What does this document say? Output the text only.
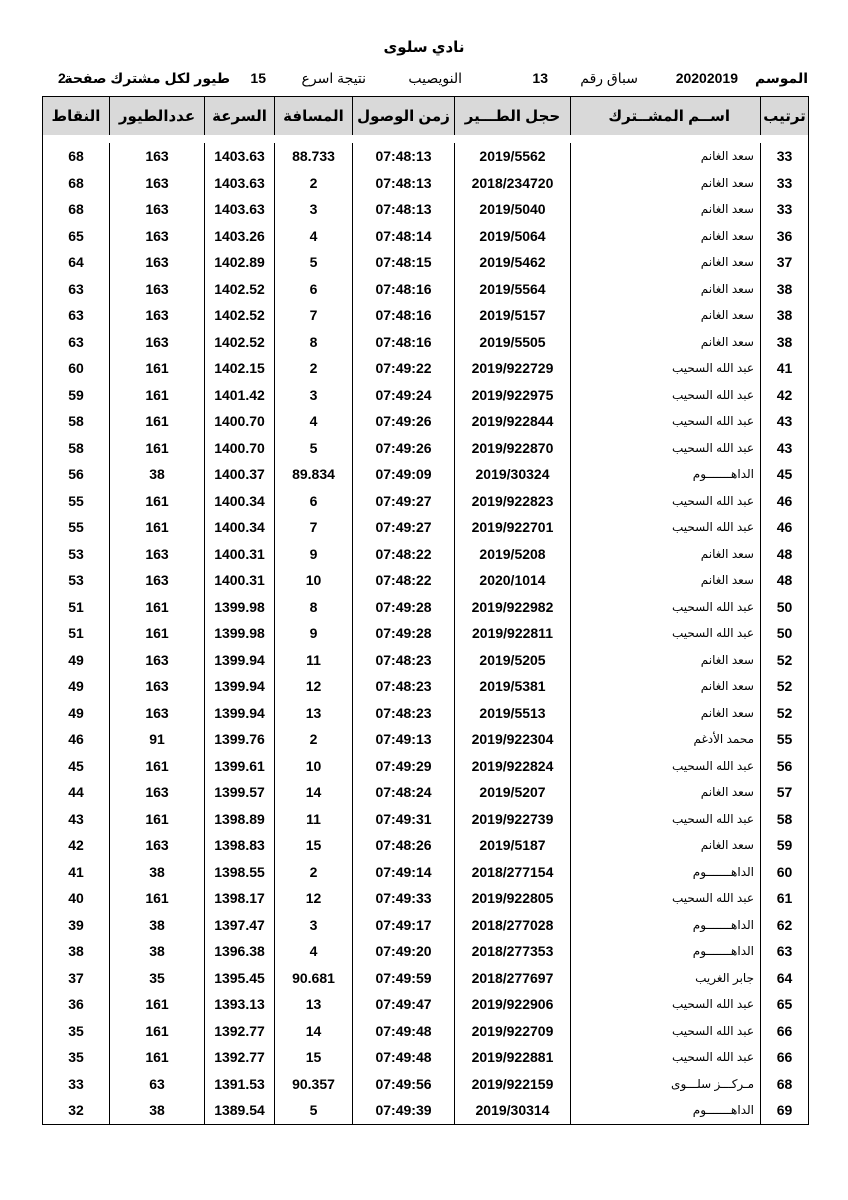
نادي سلوى
الموسم
20202019
سباق رقم
13
النويصيب
نتيجة اسرع
15
طيور لكل مشترك صفحة
2
ترتيب	اســم المشــترك	حجل الطـــير	زمن الوصول	المسافة	السرعة	عددالطيور	النقاط

33	سعد الغانم	2019/5562	07:48:13	88.733	1403.63	163	68
33	سعد الغانم	2018/234720	07:48:13	2	1403.63	163	68
33	سعد الغانم	2019/5040	07:48:13	3	1403.63	163	68
36	سعد الغانم	2019/5064	07:48:14	4	1403.26	163	65
37	سعد الغانم	2019/5462	07:48:15	5	1402.89	163	64
38	سعد الغانم	2019/5564	07:48:16	6	1402.52	163	63
38	سعد الغانم	2019/5157	07:48:16	7	1402.52	163	63
38	سعد الغانم	2019/5505	07:48:16	8	1402.52	163	63
41	عبد الله السحيب	2019/922729	07:49:22	2	1402.15	161	60
42	عبد الله السحيب	2019/922975	07:49:24	3	1401.42	161	59
43	عبد الله السحيب	2019/922844	07:49:26	4	1400.70	161	58
43	عبد الله السحيب	2019/922870	07:49:26	5	1400.70	161	58
45	الداهـــــــوم	2019/30324	07:49:09	89.834	1400.37	38	56
46	عبد الله السحيب	2019/922823	07:49:27	6	1400.34	161	55
46	عبد الله السحيب	2019/922701	07:49:27	7	1400.34	161	55
48	سعد الغانم	2019/5208	07:48:22	9	1400.31	163	53
48	سعد الغانم	2020/1014	07:48:22	10	1400.31	163	53
50	عبد الله السحيب	2019/922982	07:49:28	8	1399.98	161	51
50	عبد الله السحيب	2019/922811	07:49:28	9	1399.98	161	51
52	سعد الغانم	2019/5205	07:48:23	11	1399.94	163	49
52	سعد الغانم	2019/5381	07:48:23	12	1399.94	163	49
52	سعد الغانم	2019/5513	07:48:23	13	1399.94	163	49
55	محمد الأدغم	2019/922304	07:49:13	2	1399.76	91	46
56	عبد الله السحيب	2019/922824	07:49:29	10	1399.61	161	45
57	سعد الغانم	2019/5207	07:48:24	14	1399.57	163	44
58	عبد الله السحيب	2019/922739	07:49:31	11	1398.89	161	43
59	سعد الغانم	2019/5187	07:48:26	15	1398.83	163	42
60	الداهـــــــوم	2018/277154	07:49:14	2	1398.55	38	41
61	عبد الله السحيب	2019/922805	07:49:33	12	1398.17	161	40
62	الداهـــــــوم	2018/277028	07:49:17	3	1397.47	38	39
63	الداهـــــــوم	2018/277353	07:49:20	4	1396.38	38	38
64	جابر الغريب	2018/277697	07:49:59	90.681	1395.45	35	37
65	عبد الله السحيب	2019/922906	07:49:47	13	1393.13	161	36
66	عبد الله السحيب	2019/922709	07:49:48	14	1392.77	161	35
66	عبد الله السحيب	2019/922881	07:49:48	15	1392.77	161	35
68	مـركـــز سلـــوى	2019/922159	07:49:56	90.357	1391.53	63	33
69	الداهـــــــوم	2019/30314	07:49:39	5	1389.54	38	32
